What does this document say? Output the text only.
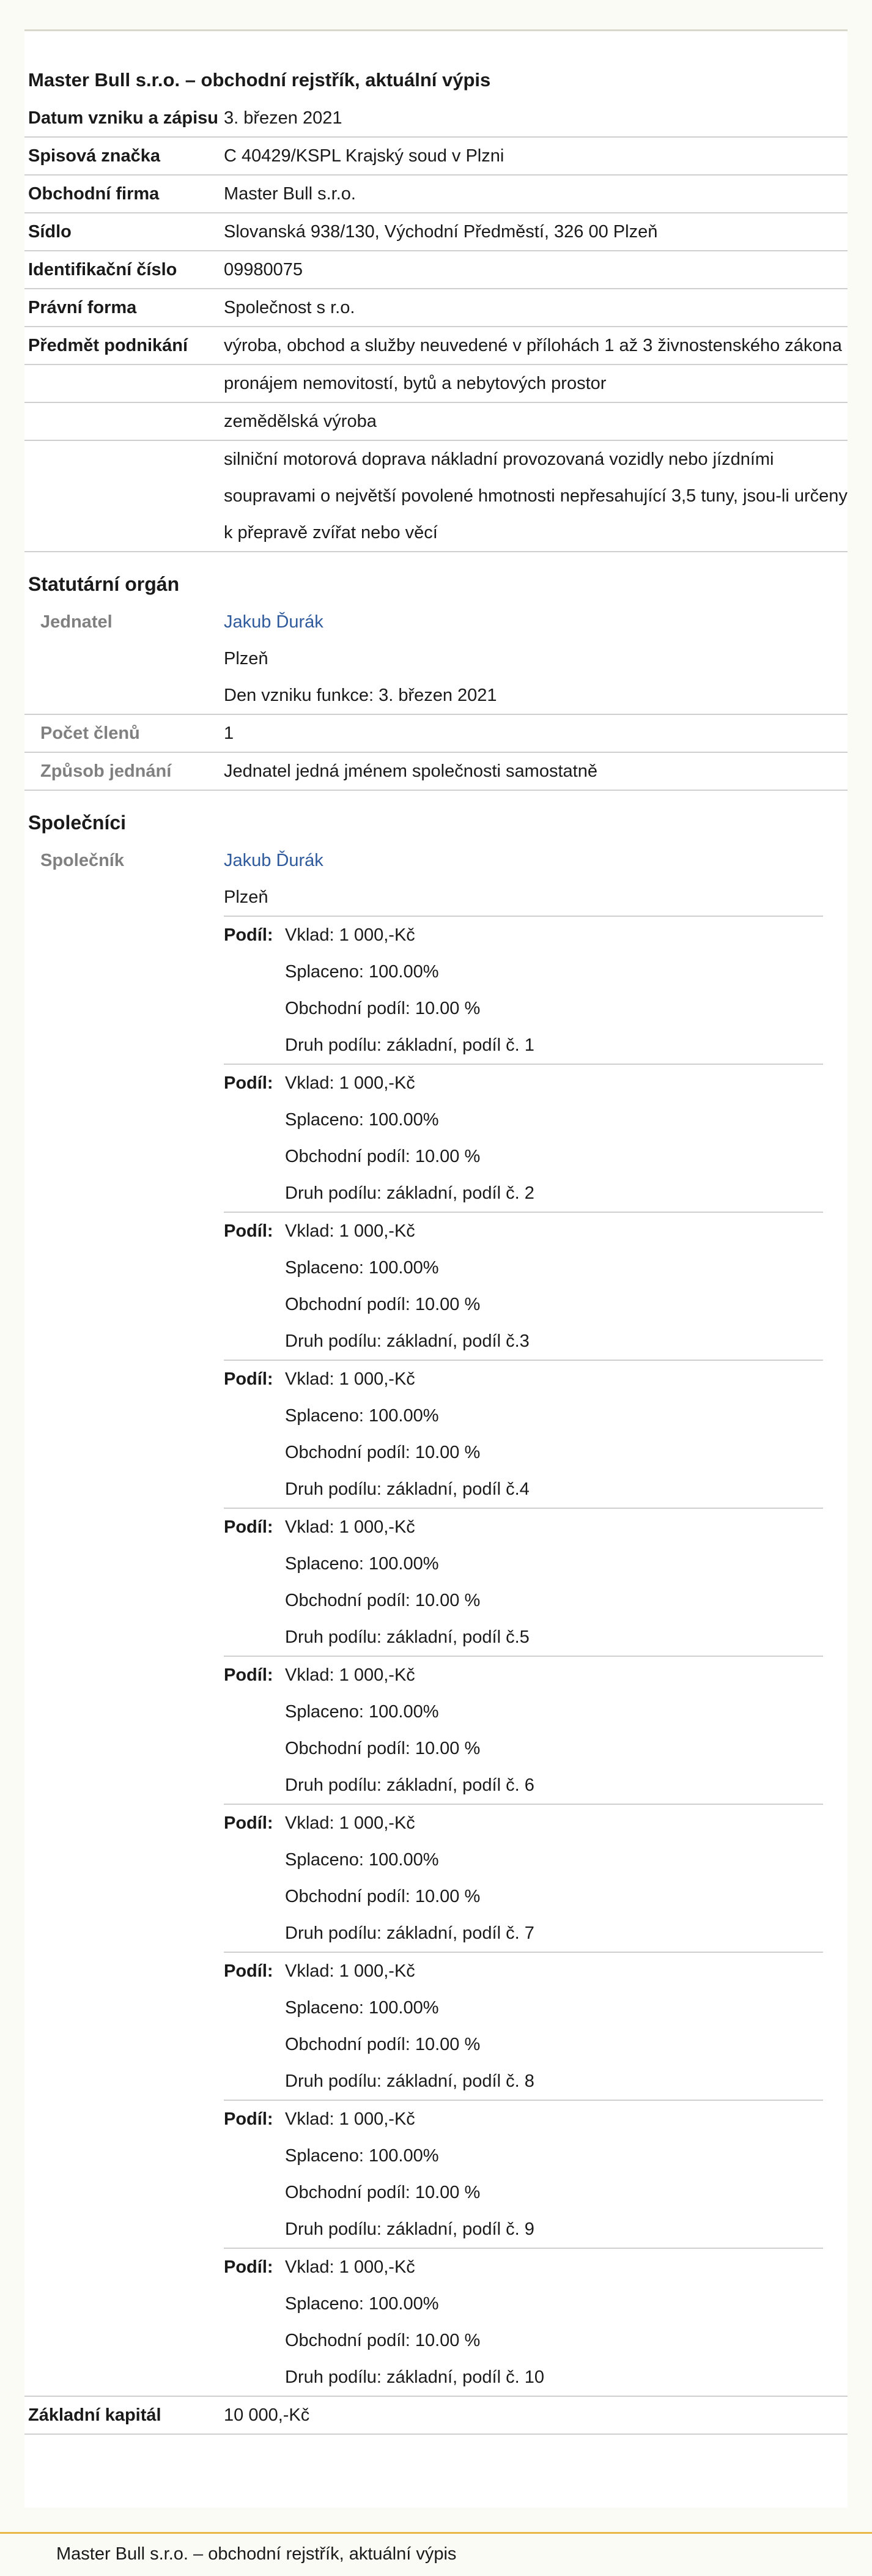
Master Bull s.r.o. – obchodní rejstřík, aktuální výpis
Datum vzniku a zápisu 3. březen 2021
Spisová značka	C 40429/KSPL Krajský soud v Plzni
Obchodní firma	Master Bull s.r.o.
Sídlo	Slovanská 938/130, Východní Předměstí, 326 00 Plzeň
Identifikační číslo	09980075
Právní forma	Společnost s r.o.
Předmět podnikání	výroba, obchod a služby neuvedené v přílohách 1 až 3 živnostenského zákona
pronájem nemovitostí, bytů a nebytových prostor
zemědělská výroba
silniční motorová doprava nákladní provozovaná vozidly nebo jízdními soupravami o největší povolené hmotnosti nepřesahující 3,5 tuny, jsou-li určeny k přepravě zvířat nebo věcí
Statutární orgán
Jednatel	Jakub Ďurák
Plzeň
Den vzniku funkce: 3. březen 2021
Počet členů	1
Způsob jednání	Jednatel jedná jménem společnosti samostatně
Společníci
Společník	Jakub Ďurák
Plzeň
Podíl: Vklad: 1 000,-Kč
Splaceno: 100.00%
Obchodní podíl: 10.00 %
Druh podílu: základní, podíl č. 1
Podíl: Vklad: 1 000,-Kč
Splaceno: 100.00%
Obchodní podíl: 10.00 %
Druh podílu: základní, podíl č. 2
Podíl: Vklad: 1 000,-Kč
Splaceno: 100.00%
Obchodní podíl: 10.00 %
Druh podílu: základní, podíl č.3
Podíl: Vklad: 1 000,-Kč
Splaceno: 100.00%
Obchodní podíl: 10.00 %
Druh podílu: základní, podíl č.4
Podíl: Vklad: 1 000,-Kč
Splaceno: 100.00%
Obchodní podíl: 10.00 %
Druh podílu: základní, podíl č.5
Podíl: Vklad: 1 000,-Kč
Splaceno: 100.00%
Obchodní podíl: 10.00 %
Druh podílu: základní, podíl č. 6
Podíl: Vklad: 1 000,-Kč
Splaceno: 100.00%
Obchodní podíl: 10.00 %
Druh podílu: základní, podíl č. 7
Podíl: Vklad: 1 000,-Kč
Splaceno: 100.00%
Obchodní podíl: 10.00 %
Druh podílu: základní, podíl č. 8
Podíl: Vklad: 1 000,-Kč
Splaceno: 100.00%
Obchodní podíl: 10.00 %
Druh podílu: základní, podíl č. 9
Podíl: Vklad: 1 000,-Kč
Splaceno: 100.00%
Obchodní podíl: 10.00 %
Druh podílu: základní, podíl č. 10
Základní kapitál	10 000,-Kč
Master Bull s.r.o. – obchodní rejstřík, aktuální výpis
